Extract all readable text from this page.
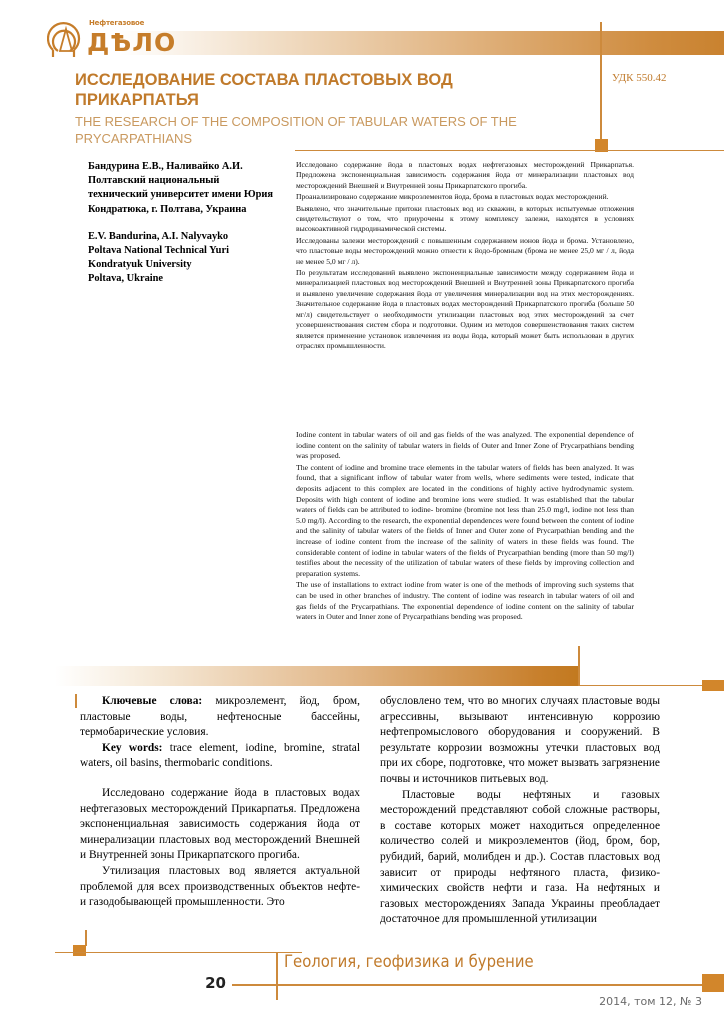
Нефтегазовое
ДѢЛО
ИССЛЕДОВАНИЕ СОСТАВА ПЛАСТОВЫХ ВОД ПРИКАРПАТЬЯ
THE RESEARCH OF THE COMPOSITION OF TABULAR WATERS OF THE PRYCARPATHIANS
УДК 550.42

Бандурина Е.В., Наливайко А.И.

Полтавский национальный технический университет имени Юрия Кондратюка, г. Полтава, Украина

E.V. Bandurina, A.I. Nalyvayko

Poltava National Technical Yuri Kondratyuk University

Poltava, Ukraine

Исследовано содержание йода в пластовых водах нефтегазовых месторождений Прикарпатья. Предложена экспоненциальная зависимость содержания йода от минерализации пластовых вод месторождений Внешней и Внутренней зоны Прикарпатского прогиба.

Проанализировано содержание микроэлементов йода, брома в пластовых водах месторождений.

Выявлено, что значительные притоки пластовых вод из скважин, в которых испытуемые отложения свидетельствуют о том, что приурочены к этому комплексу залежи, находятся в условиях высокоактивной гидродинамической системы.

Исследованы залежи месторождений с повышенным содержанием ионов йода и брома. Установлено, что пластовые воды месторождений можно отнести к йодо-бромным (брома не менее 25,0 мг / л, йода не менее 5,0 мг / л).

По результатам исследований выявлено экспоненциальные зависимости между содержанием йода и минерализацией пластовых вод месторождений Внешней и Внутренней зоны Прикарпатского прогиба и выявлено увеличение содержания йода от увеличения минерализации вод на этих месторождениях. Значительное содержание йода в пластовых водах месторождений Прикарпатского прогиба (больше 50 мг/л) свидетельствует о необходимости утилизации пластовых вод этих месторождений за счет усовершенствования систем сбора и подготовки. Одним из методов совершенствования таких систем является применение установок извлечения из воды йода, который может быть использован в других отраслях промышленности.

Iodine content in tabular waters of oil and gas fields of the was analyzed. The exponential dependence of iodine content on the salinity of tabular waters in fields of Outer and Inner Zone of Prycarpathians bending was proposed.

The content of iodine and bromine trace elements in the tabular waters of fields has been analyzed. It was found, that a significant inflow of tabular water from wells, where sediments were tested, indicate that deposits adjacent to this complex are located in the conditions of highly active hydrodynamic system. Deposits with high content of iodine and bromine ions were studied. It was established that the tabular waters of fields can be attributed to iodine- bromine (bromine not less than 25.0 mg/l, iodine not less than 5.0 mg/l). According to the research, the exponential dependences were found between the content of iodine and the salinity of tabular waters of the fields of Inner and Outer zone of Prycarpathian bending and the increase of iodine content from the increase of the salinity of waters in these fields was found. The considerable content of iodine in tabular waters of the fields of Prycarpathian bending (more than 50 mg/l) testifies about the necessity of the utilization of tabular waters of these fields by improving collection and preparation systems.

The use of installations to extract iodine from water is one of the methods of improving such systems that can be used in other branches of industry. The content of iodine was research in tabular waters of oil and gas fields of the Prycarpathians. The exponential dependence of iodine content on the salinity of tabular waters in Outer and Inner zone of Prycarpathians bending was proposed.

Ключевые слова: микроэлемент, йод, бром, пластовые воды, нефтеносные бассейны, термобарические условия.

Key words: trace element, iodine, bromine, stratal waters, oil basins, thermobaric conditions.

Исследовано содержание йода в пластовых водах нефтегазовых месторождений Прикарпатья. Предложена экспоненциальная зависимость содержания йода от минерализации пластовых вод месторождений Внешней и Внутренней зоны Прикарпатского прогиба.

Утилизация пластовых вод является актуальной проблемой для всех производственных объектов нефте- и газодобывающей промышленности. Это

обусловлено тем, что во многих случаях пластовые воды агрессивны, вызывают интенсивную коррозию нефтепромыслового оборудования и сооружений. В результате коррозии возможны утечки пластовых вод при их сборе, подготовке, что может вызвать загрязнение почвы и источников питьевых вод.

Пластовые воды нефтяных и газовых месторождений представляют собой сложные растворы, в составе которых может находиться определенное количество солей и микроэлементов (йод, бром, бор, рубидий, барий, молибден и др.). Состав пластовых вод зависит от природы нефтяного пласта, физико-химических свойств нефти и газа. На нефтяных и газовых месторождениях Запада Украины преобладает достаточное для промышленной утилизации

20
Геология, геофизика и бурение
2014, том 12, № 3
